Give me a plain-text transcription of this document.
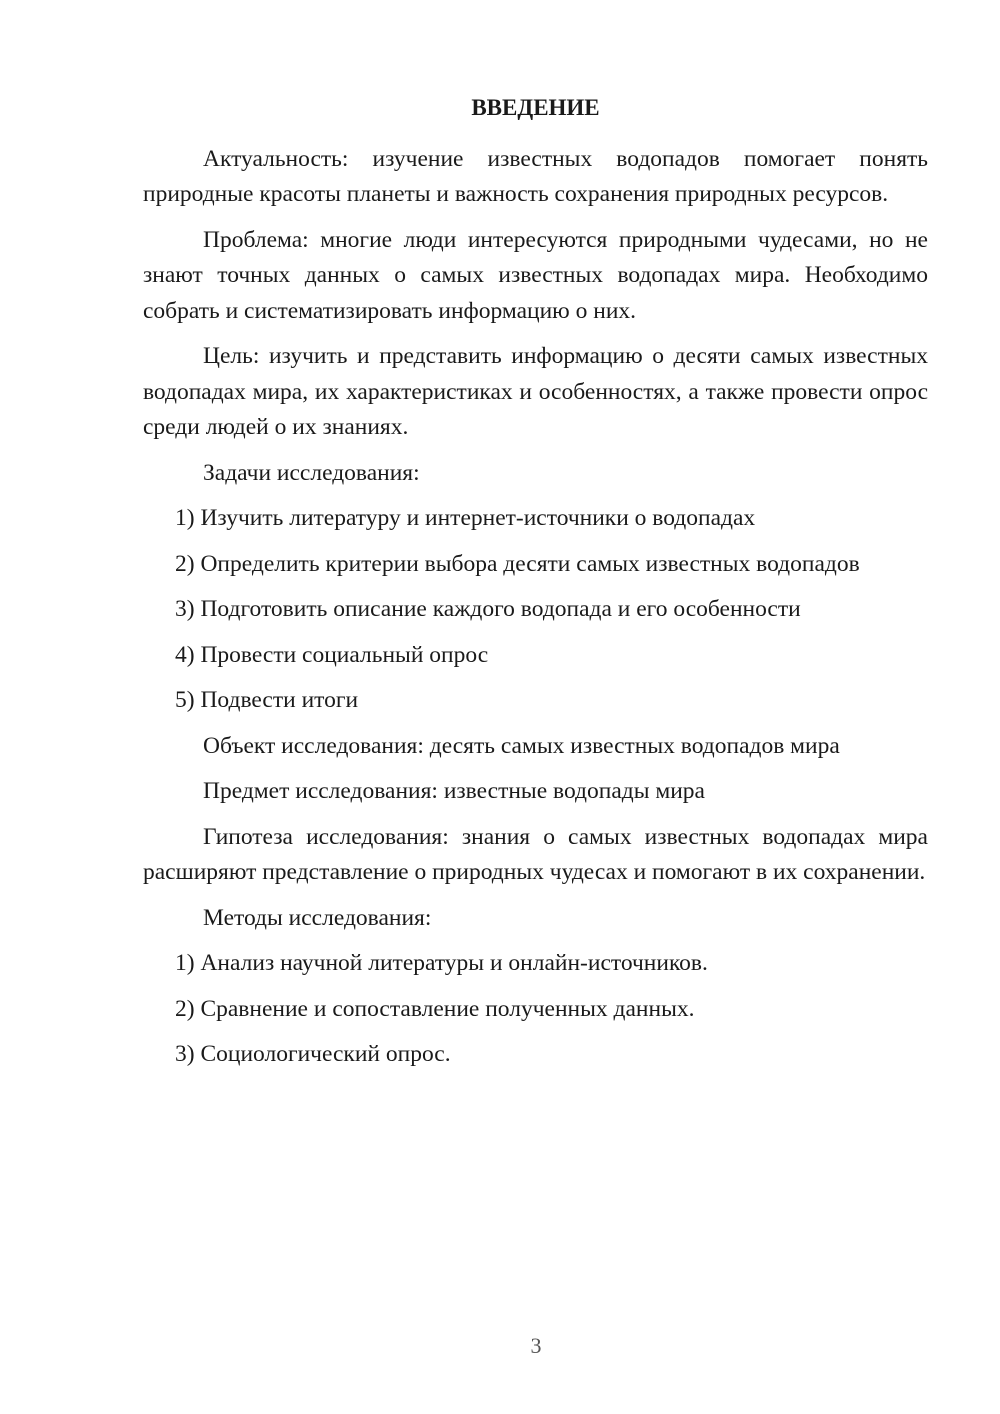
ВВЕДЕНИЕ

Актуальность: изучение известных водопадов помогает понять природные красоты планеты и важность сохранения природных ресурсов.

Проблема: многие люди интересуются природными чудесами, но не знают точных данных о самых известных водопадах мира. Необходимо собрать и систематизировать информацию о них.

Цель: изучить и представить информацию о десяти самых известных водопадах мира, их характеристиках и особенностях, а также провести опрос среди людей о их знаниях.

Задачи исследования:

1) Изучить литературу и интернет-источники о водопадах
2) Определить критерии выбора десяти самых известных водопадов
3) Подготовить описание каждого водопада и его особенности
4) Провести социальный опрос
5) Подвести итоги

Объект исследования: десять самых известных водопадов мира

Предмет исследования: известные водопады мира

Гипотеза исследования: знания о самых известных водопадах мира расширяют представление о природных чудесах и помогают в их сохранении.

Методы исследования:

1) Анализ научной литературы и онлайн-источников.
2) Сравнение и сопоставление полученных данных.
3) Социологический опрос.
3
